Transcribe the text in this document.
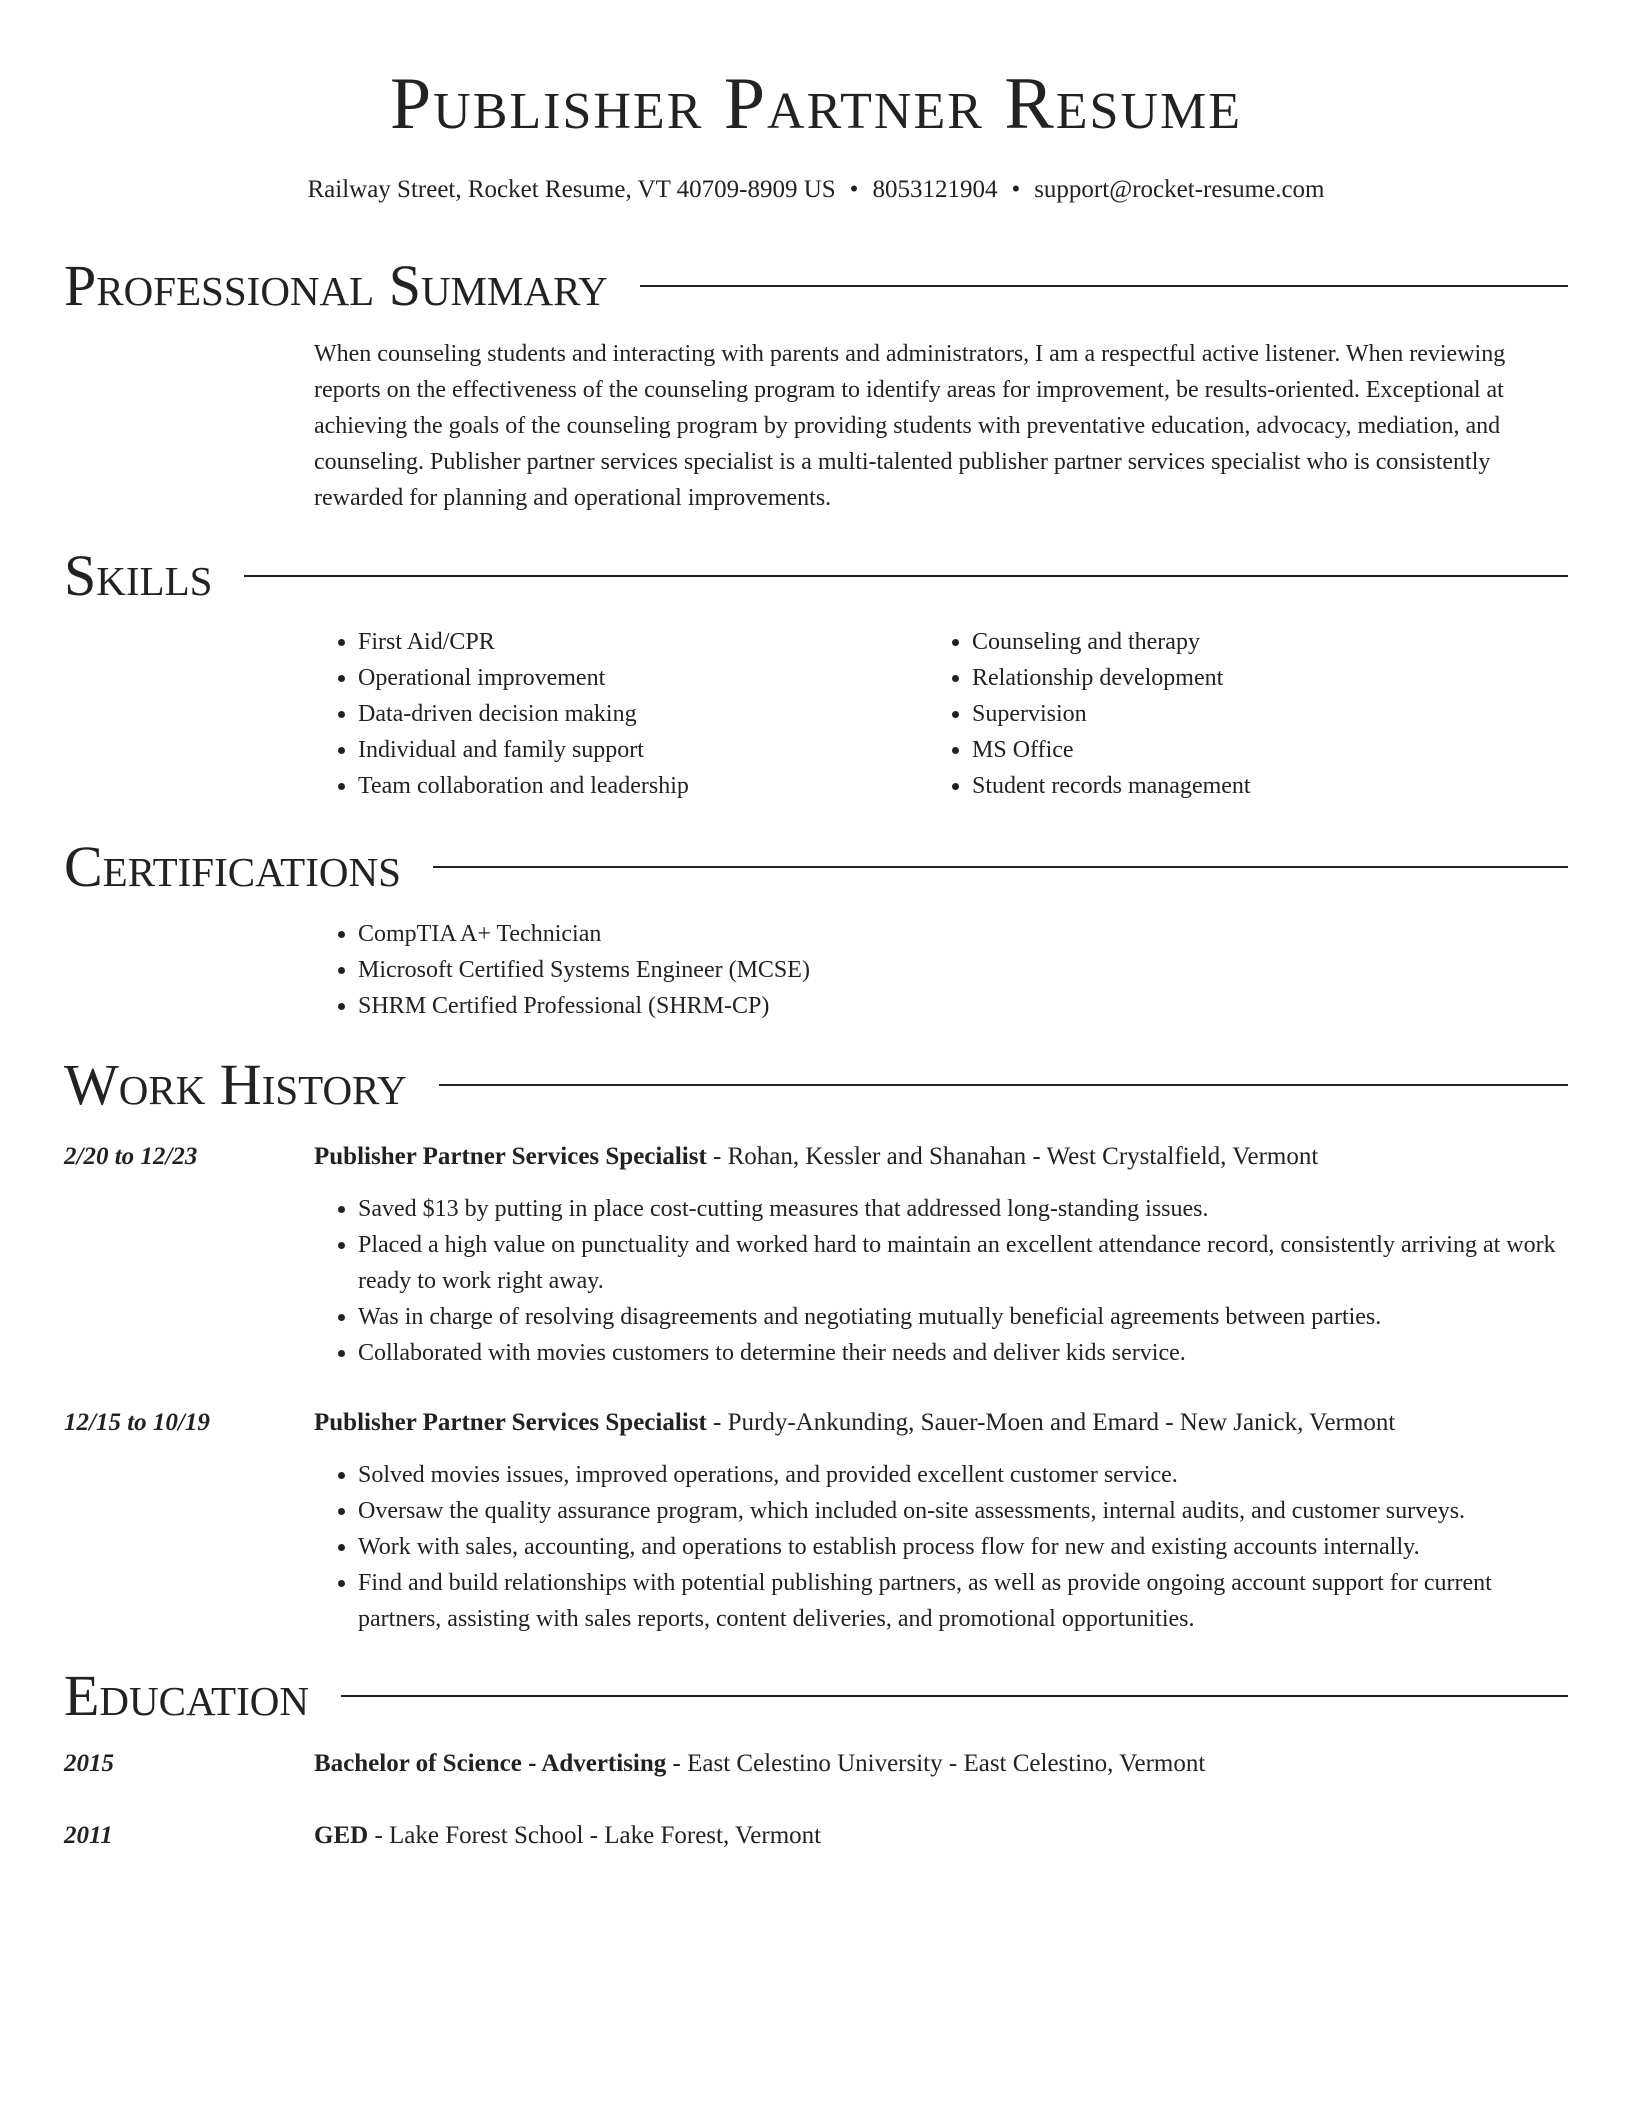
Publisher Partner Resume
Railway Street, Rocket Resume, VT 40709-8909 US • 8053121904 • support@rocket-resume.com
Professional Summary

When counseling students and interacting with parents and administrators, I am a respectful active listener. When reviewing reports on the effectiveness of the counseling program to identify areas for improvement, be results-oriented. Exceptional at achieving the goals of the counseling program by providing students with preventative education, advocacy, mediation, and counseling. Publisher partner services specialist is a multi-talented publisher partner services specialist who is consistently rewarded for planning and operational improvements.

Skills
• First Aid/CPR
• Operational improvement
• Data-driven decision making
• Individual and family support
• Team collaboration and leadership
• Counseling and therapy
• Relationship development
• Supervision
• MS Office
• Student records management
Certifications
• CompTIA A+ Technician
• Microsoft Certified Systems Engineer (MCSE)
• SHRM Certified Professional (SHRM-CP)
Work History
2/20 to 12/23	Publisher Partner Services Specialist - Rohan, Kessler and Shanahan - West Crystalfield, Vermont
• Saved $13 by putting in place cost-cutting measures that addressed long-standing issues.
• Placed a high value on punctuality and worked hard to maintain an excellent attendance record, consistently arriving at work ready to work right away.
• Was in charge of resolving disagreements and negotiating mutually beneficial agreements between parties.
• Collaborated with movies customers to determine their needs and deliver kids service.
12/15 to 10/19	Publisher Partner Services Specialist - Purdy-Ankunding, Sauer-Moen and Emard - New Janick, Vermont
• Solved movies issues, improved operations, and provided excellent customer service.
• Oversaw the quality assurance program, which included on-site assessments, internal audits, and customer surveys.
• Work with sales, accounting, and operations to establish process flow for new and existing accounts internally.
• Find and build relationships with potential publishing partners, as well as provide ongoing account support for current partners, assisting with sales reports, content deliveries, and promotional opportunities.
Education
2015	Bachelor of Science - Advertising - East Celestino University - East Celestino, Vermont
2011	GED - Lake Forest School - Lake Forest, Vermont
